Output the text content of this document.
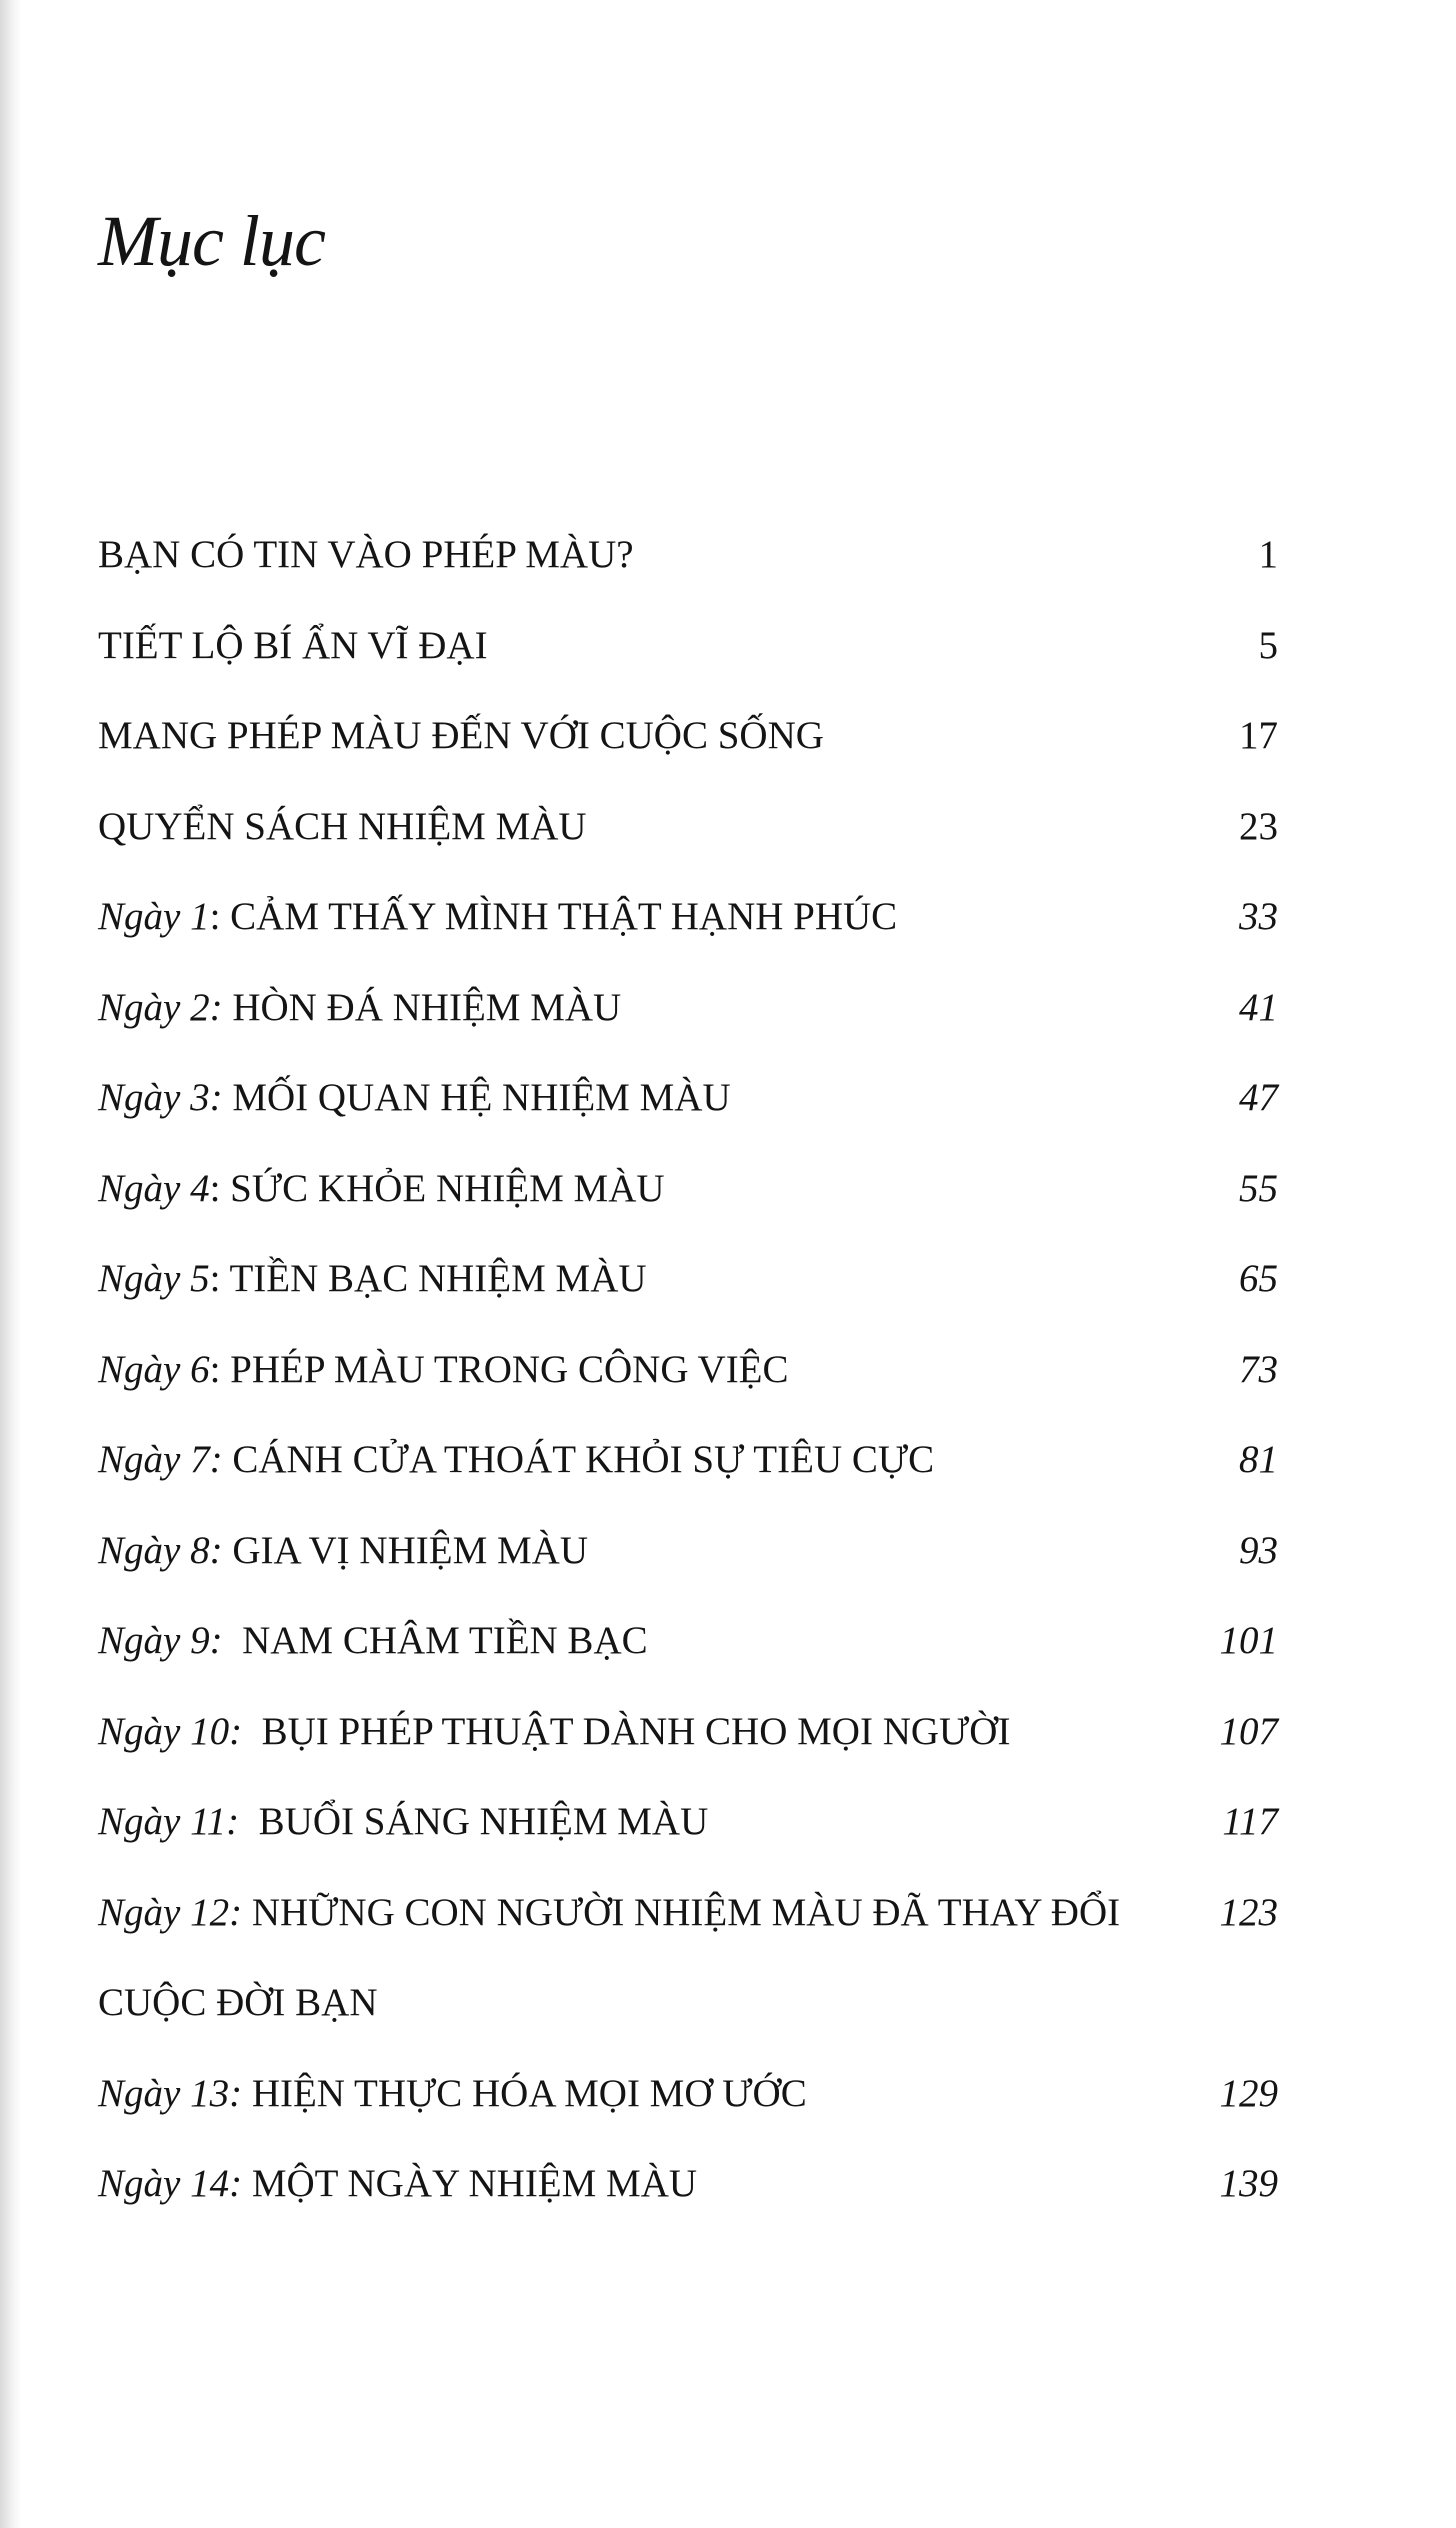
Mục lục
BẠN CÓ TIN VÀO PHÉP MÀU?	1
TIẾT LỘ BÍ ẨN VĨ ĐẠI	5
MANG PHÉP MÀU ĐẾN VỚI CUỘC SỐNG	17
QUYỂN SÁCH NHIỆM MÀU	23
Ngày 1: CẢM THẤY MÌNH THẬT HẠNH PHÚC	33
Ngày 2: HÒN ĐÁ NHIỆM MÀU	41
Ngày 3: MỐI QUAN HỆ NHIỆM MÀU	47
Ngày 4: SỨC KHỎE NHIỆM MÀU	55
Ngày 5: TIỀN BẠC NHIỆM MÀU	65
Ngày 6: PHÉP MÀU TRONG CÔNG VIỆC	73
Ngày 7: CÁNH CỬA THOÁT KHỎI SỰ TIÊU CỰC	81
Ngày 8: GIA VỊ NHIỆM MÀU	93
Ngày 9: NAM CHÂM TIỀN BẠC	101
Ngày 10: BỤI PHÉP THUẬT DÀNH CHO MỌI NGƯỜI	107
Ngày 11: BUỔI SÁNG NHIỆM MÀU	117
Ngày 12: NHỮNG CON NGƯỜI NHIỆM MÀU ĐÃ THAY ĐỔI	123
CUỘC ĐỜI BẠN
Ngày 13: HIỆN THỰC HÓA MỌI MƠ ƯỚC	129
Ngày 14: MỘT NGÀY NHIỆM MÀU	139
